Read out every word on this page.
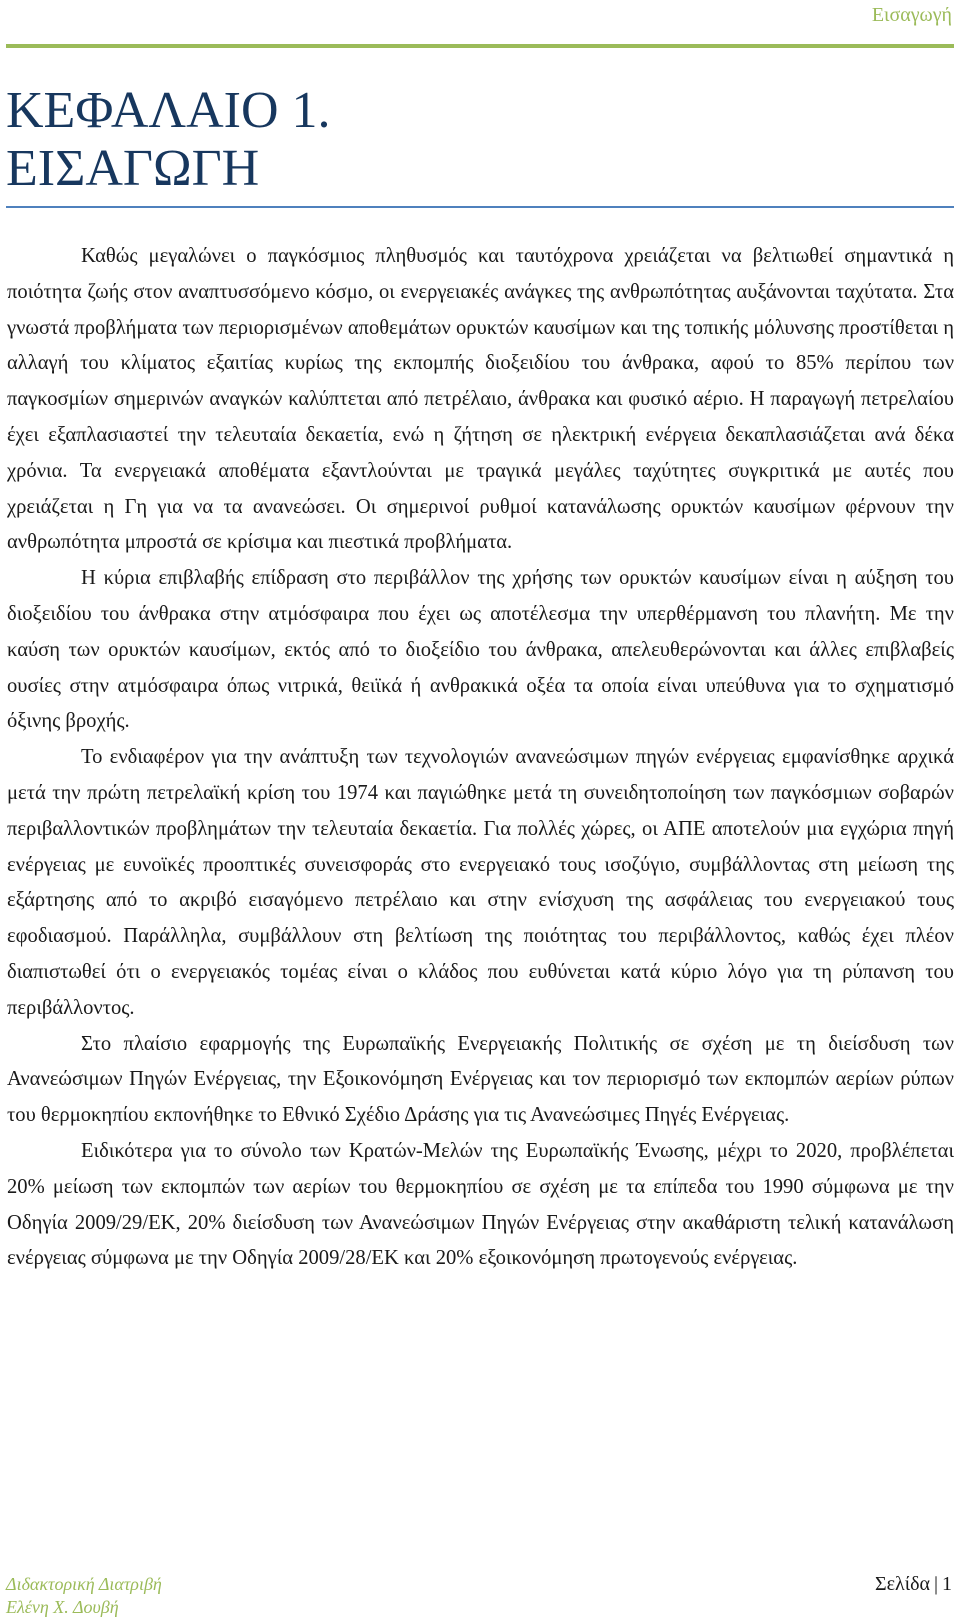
Εισαγωγή
ΚΕΦΑΛΑΙΟ 1.
ΕΙΣΑΓΩΓΗ

Καθώς μεγαλώνει ο παγκόσμιος πληθυσμός και ταυτόχρονα χρειάζεται να βελτιωθεί σημαντικά η ποιότητα ζωής στον αναπτυσσόμενο κόσμο, οι ενεργειακές ανάγκες της ανθρωπότητας αυξάνονται ταχύτατα. Στα γνωστά προβλήματα των περιορισμένων αποθεμάτων ορυκτών καυσίμων και της τοπικής μόλυνσης προστίθεται η αλλαγή του κλίματος εξαιτίας κυρίως της εκπομπής διοξειδίου του άνθρακα, αφού το 85% περίπου των παγκοσμίων σημερινών αναγκών καλύπτεται από πετρέλαιο, άνθρακα και φυσικό αέριο. Η παραγωγή πετρελαίου έχει εξαπλασιαστεί την τελευταία δεκαετία, ενώ η ζήτηση σε ηλεκτρική ενέργεια δεκαπλασιάζεται ανά δέκα χρόνια. Τα ενεργειακά αποθέματα εξαντλούνται με τραγικά μεγάλες ταχύτητες συγκριτικά με αυτές που χρειάζεται η Γη για να τα ανανεώσει. Οι σημερινοί ρυθμοί κατανάλωσης ορυκτών καυσίμων φέρνουν την ανθρωπότητα μπροστά σε κρίσιμα και πιεστικά προβλήματα.

Η κύρια επιβλαβής επίδραση στο περιβάλλον της χρήσης των ορυκτών καυσίμων είναι η αύξηση του διοξειδίου του άνθρακα στην ατμόσφαιρα που έχει ως αποτέλεσμα την υπερθέρμανση του πλανήτη. Με την καύση των ορυκτών καυσίμων, εκτός από το διοξείδιο του άνθρακα, απελευθερώνονται και άλλες επιβλαβείς ουσίες στην ατμόσφαιρα όπως νιτρικά, θειϊκά ή ανθρακικά οξέα τα οποία είναι υπεύθυνα για το σχηματισμό όξινης βροχής.

Το ενδιαφέρον για την ανάπτυξη των τεχνολογιών ανανεώσιμων πηγών ενέργειας εμφανίσθηκε αρχικά μετά την πρώτη πετρελαϊκή κρίση του 1974 και παγιώθηκε μετά τη συνειδητοποίηση των παγκόσμιων σοβαρών περιβαλλοντικών προβλημάτων την τελευταία δεκαετία. Για πολλές χώρες, οι ΑΠΕ αποτελούν μια εγχώρια πηγή ενέργειας με ευνοϊκές προοπτικές συνεισφοράς στο ενεργειακό τους ισοζύγιο, συμβάλλοντας στη μείωση της εξάρτησης από το ακριβό εισαγόμενο πετρέλαιο και στην ενίσχυση της ασφάλειας του ενεργειακού τους εφοδιασμού. Παράλληλα, συμβάλλουν στη βελτίωση της ποιότητας του περιβάλλοντος, καθώς έχει πλέον διαπιστωθεί ότι ο ενεργειακός τομέας είναι ο κλάδος που ευθύνεται κατά κύριο λόγο για τη ρύπανση του περιβάλλοντος.

Στο πλαίσιο εφαρμογής της Ευρωπαϊκής Ενεργειακής Πολιτικής σε σχέση με τη διείσδυση των Ανανεώσιμων Πηγών Ενέργειας, την Εξοικονόμηση Ενέργειας και τον περιορισμό των εκπομπών αερίων ρύπων του θερμοκηπίου εκπονήθηκε το Εθνικό Σχέδιο Δράσης για τις Ανανεώσιμες Πηγές Ενέργειας.

Ειδικότερα για το σύνολο των Κρατών-Μελών της Ευρωπαϊκής Ένωσης, μέχρι το 2020, προβλέπεται 20% μείωση των εκπομπών των αερίων του θερμοκηπίου σε σχέση με τα επίπεδα του 1990 σύμφωνα με την Οδηγία 2009/29/ΕΚ, 20% διείσδυση των Ανανεώσιμων Πηγών Ενέργειας στην ακαθάριστη τελική κατανάλωση ενέργειας σύμφωνα με την Οδηγία 2009/28/ΕΚ και 20% εξοικονόμηση πρωτογενούς ενέργειας.

Διδακτορική Διατριβή
Ελένη Χ. Δουβή
Σελίδα | 1
